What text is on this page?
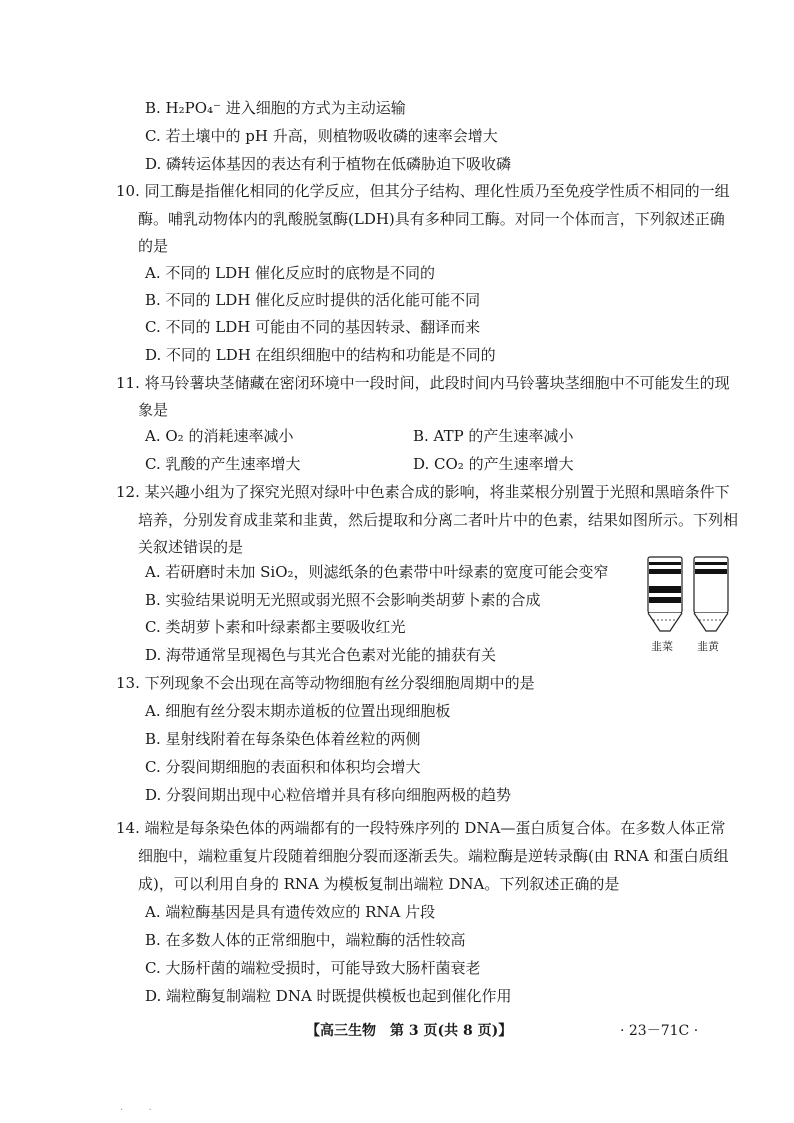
B. H₂PO₄⁻ 进入细胞的方式为主动运输
C. 若土壤中的 pH 升高，则植物吸收磷的速率会增大
D. 磷转运体基因的表达有利于植物在低磷胁迫下吸收磷
10. 同工酶是指催化相同的化学反应，但其分子结构、理化性质乃至免疫学性质不相同的一组
酶。哺乳动物体内的乳酸脱氢酶(LDH)具有多种同工酶。对同一个体而言，下列叙述正确
的是
A. 不同的 LDH 催化反应时的底物是不同的
B. 不同的 LDH 催化反应时提供的活化能可能不同
C. 不同的 LDH 可能由不同的基因转录、翻译而来
D. 不同的 LDH 在组织细胞中的结构和功能是不同的
11. 将马铃薯块茎储藏在密闭环境中一段时间，此段时间内马铃薯块茎细胞中不可能发生的现
象是
A. O₂ 的消耗速率减小	B. ATP 的产生速率减小
C. 乳酸的产生速率增大	D. CO₂ 的产生速率增大
12. 某兴趣小组为了探究光照对绿叶中色素合成的影响，将韭菜根分别置于光照和黑暗条件下
培养，分别发育成韭菜和韭黄，然后提取和分离二者叶片中的色素，结果如图所示。下列相
关叙述错误的是
A. 若研磨时未加 SiO₂，则滤纸条的色素带中叶绿素的宽度可能会变窄
B. 实验结果说明无光照或弱光照不会影响类胡萝卜素的合成
C. 类胡萝卜素和叶绿素都主要吸收红光
D. 海带通常呈现褐色与其光合色素对光能的捕获有关	韭菜 韭黄
13. 下列现象不会出现在高等动物细胞有丝分裂细胞周期中的是
A. 细胞有丝分裂末期赤道板的位置出现细胞板
B. 星射线附着在每条染色体着丝粒的两侧
C. 分裂间期细胞的表面积和体积均会增大
D. 分裂间期出现中心粒倍增并具有移向细胞两极的趋势
14. 端粒是每条染色体的两端都有的一段特殊序列的 DNA—蛋白质复合体。在多数人体正常
细胞中，端粒重复片段随着细胞分裂而逐渐丢失。端粒酶是逆转录酶(由 RNA 和蛋白质组
成)，可以利用自身的 RNA 为模板复制出端粒 DNA。下列叙述正确的是
A. 端粒酶基因是具有遗传效应的 RNA 片段
B. 在多数人体的正常细胞中，端粒酶的活性较高
C. 大肠杆菌的端粒受损时，可能导致大肠杆菌衰老
D. 端粒酶复制端粒 DNA 时既提供模板也起到催化作用
【高三生物　第 3 页(共 8 页)】	· 23－71C ·
·        ·
